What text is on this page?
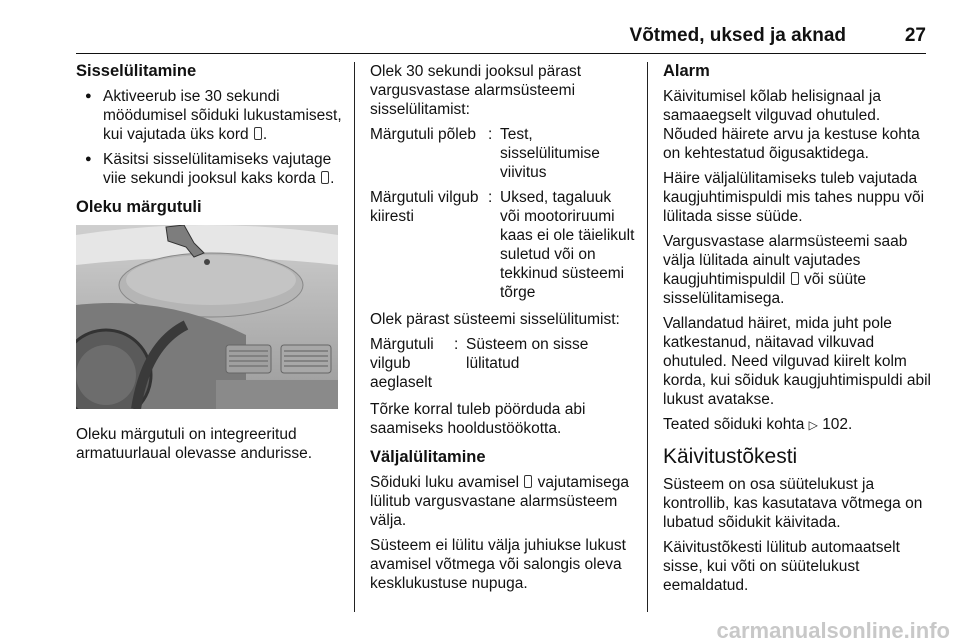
Võtmed, uksed ja aknad	27
Sisselülitamine
● Aktiveerub ise 30 sekundi möödumisel sõiduki lukustamisest, kui vajutada üks kord .
● Käsitsi sisselülitamiseks vajutage viie sekundi jooksul kaks korda .
Oleku märgutuli

Oleku märgutuli on integreeritud armatuurlaual olevasse andurisse.

Olek 30 sekundi jooksul pärast vargusvastase alarmsüsteemi sisselülitamist:

Märgutuli põleb : Test, sisselülitumise viivitus
Märgutuli vilgub kiiresti
: Uksed, tagaluuk või mootoriruumi kaas ei ole täielikult suletud või on tekkinud süsteemi tõrge

Olek pärast süsteemi sisselülitumist:

Märgutuli vilgub aeglaselt
: Süsteem on sisse lülitatud

Tõrke korral tuleb pöörduda abi saamiseks hooldustöökotta.

Väljalülitamine

Sõiduki luku avamisel vajutamisega lülitub vargusvastane alarmsüsteem välja.

Süsteem ei lülitu välja juhiukse lukust avamisel võtmega või salongis oleva kesklukustuse nupuga.

Alarm

Käivitumisel kõlab helisignaal ja samaaegselt vilguvad ohutuled. Nõuded häirete arvu ja kestuse kohta on kehtestatud õigusaktidega.

Häire väljalülitamiseks tuleb vajutada kaugjuhtimispuldi mis tahes nuppu või lülitada sisse süüde.

Vargusvastase alarmsüsteemi saab välja lülitada ainult vajutades kaugjuhtimispuldil või süüte sisselülitamisega.

Vallandatud häiret, mida juht pole katkestanud, näitavad vilkuvad ohutuled. Need vilguvad kiirelt kolm korda, kui sõiduk kaugjuhtimispuldi abil lukust avatakse.

Teated sõiduki kohta ▷ 102.

Käivitustõkesti

Süsteem on osa süütelukust ja kontrollib, kas kasutatava võtmega on lubatud sõidukit käivitada.

Käivitustõkesti lülitub automaatselt sisse, kui võti on süütelukust eemaldatud.

carmanualsonline.info
